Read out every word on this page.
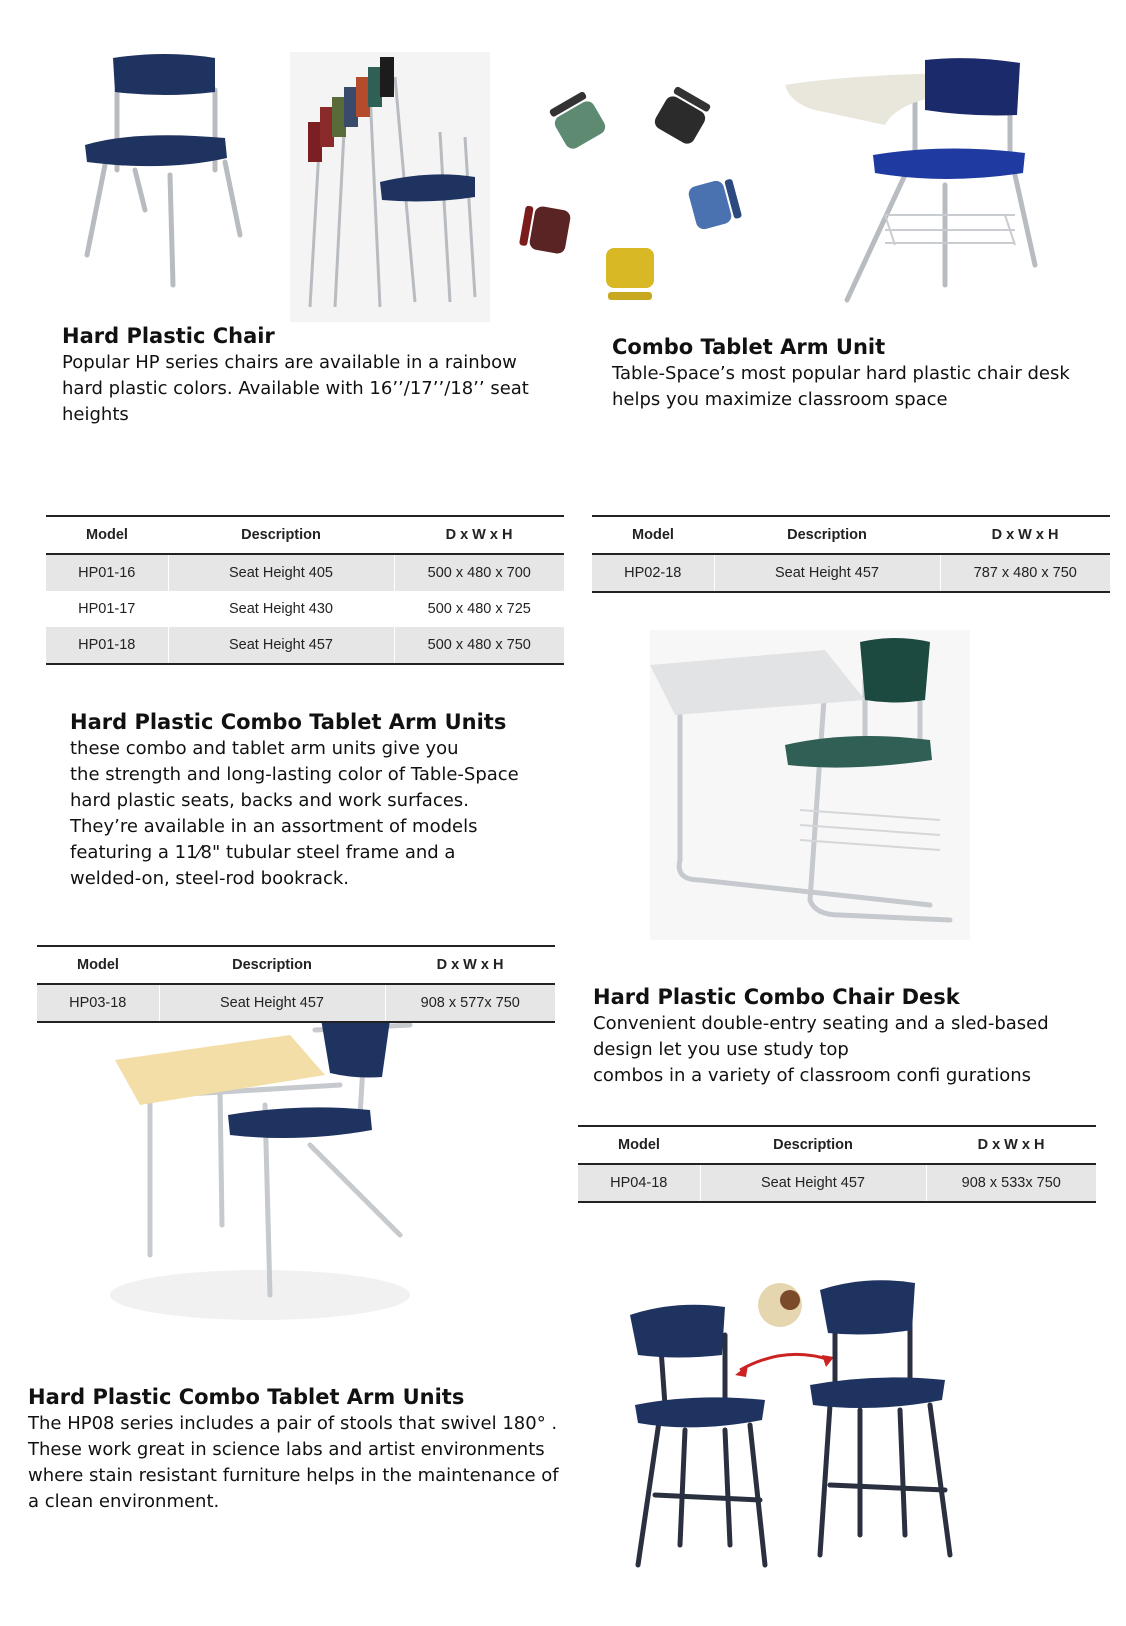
Hard Plastic Chair
Popular HP series chairs are available in a rainbow
hard plastic colors. Available with 16’’/17’’/18’’ seat
heights
Combo Tablet Arm Unit
Table-Space’s most popular hard plastic chair desk
helps you maximize classroom space
Hard Plastic Combo Tablet Arm Units
these combo and tablet arm units give you
the strength and long-lasting color of Table-Space
hard plastic seats, backs and work surfaces.
They’re available in an assortment of models
featuring a 11⁄8" tubular steel frame and a
welded-on, steel-rod bookrack.
Hard Plastic Combo Chair Desk
Convenient double-entry seating and a sled-based
design let you use study top
combos in a variety of classroom confi gurations
Hard Plastic Combo Tablet Arm Units
The HP08 series includes a pair of stools that swivel 180° .
These work great in science labs and artist environments
where stain resistant furniture helps in the maintenance of
a clean environment.
Model	Description	D x W x H
HP01-16	Seat Height 405	500 x 480 x 700
HP01-17	Seat Height 430	500 x 480 x 725
HP01-18	Seat Height 457	500 x 480 x 750
Model	Description	D x W x H
HP02-18	Seat Height 457	787 x 480 x 750
Model	Description	D x W x H
HP03-18	Seat Height 457	908 x 577x 750
Model	Description	D x W x H
HP04-18	Seat Height 457	908 x 533x 750
